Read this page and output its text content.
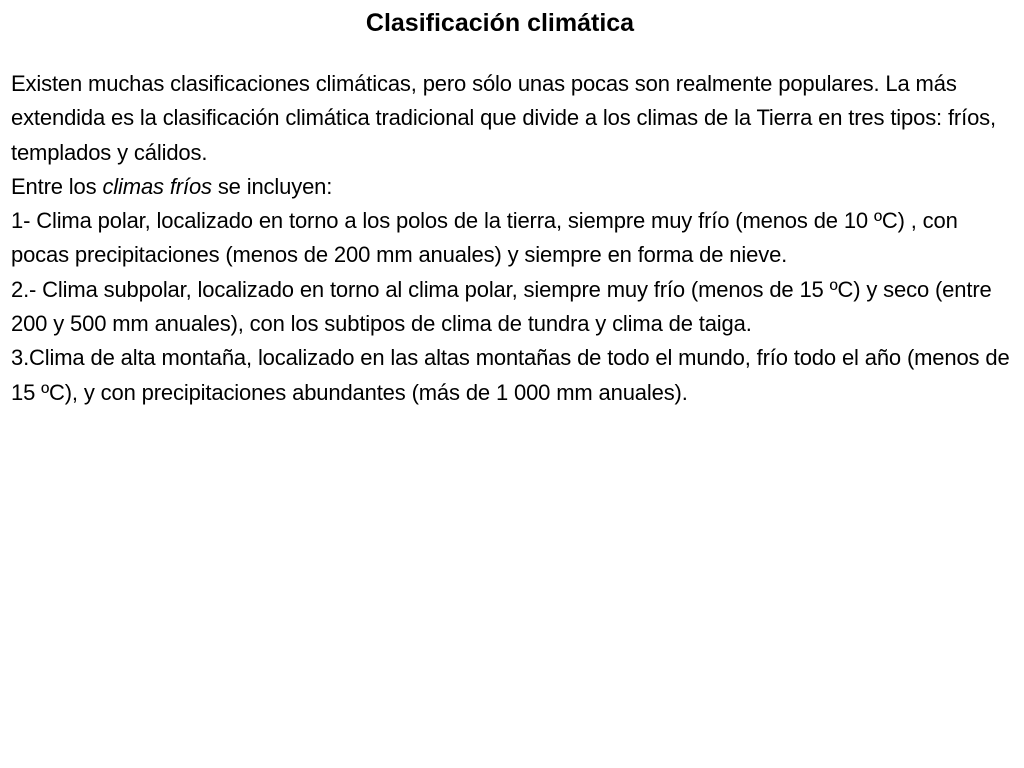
Clasificación climática

Existen muchas clasificaciones climáticas, pero sólo unas pocas son realmente populares. La más extendida es la clasificación climática tradicional que divide a los climas de la Tierra en tres tipos: fríos, templados y cálidos.

Entre los climas fríos se incluyen:

1- Clima polar, localizado en torno a los polos de la tierra, siempre muy frío (menos de 10 ºC) , con pocas precipitaciones (menos de 200 mm anuales) y siempre en forma de nieve.

2.- Clima subpolar, localizado en torno al clima polar, siempre muy frío (menos de 15 ºC) y seco (entre 200 y 500 mm anuales), con los subtipos de clima de tundra y clima de taiga.

3.Clima de alta montaña, localizado en las altas montañas de todo el mundo, frío todo el año (menos de 15 ºC), y con precipitaciones abundantes (más de 1 000 mm anuales).
